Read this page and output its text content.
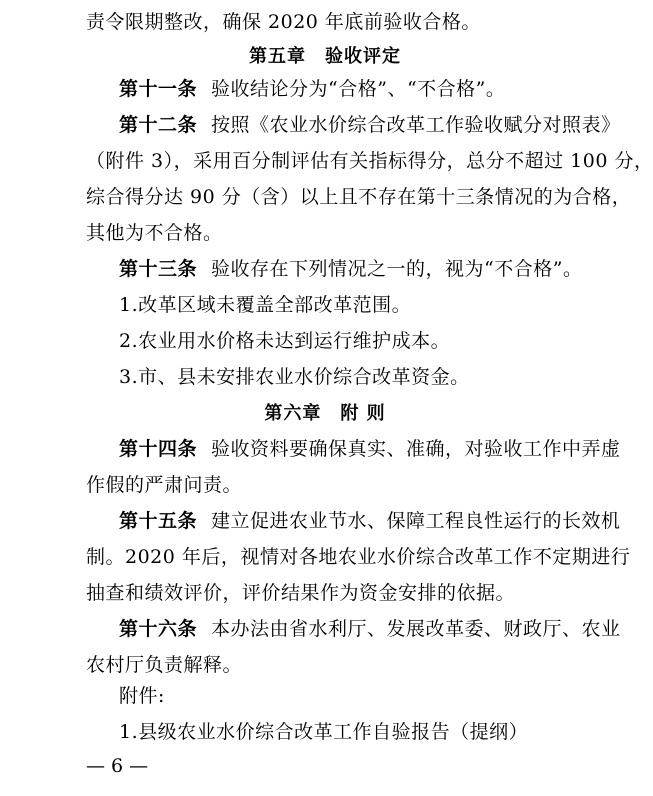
责令限期整改，确保 2020 年底前验收合格。
第五章　验收评定
第十一条 验收结论分为“合格”、“不合格”。
第十二条 按照《农业水价综合改革工作验收赋分对照表》
（附件 3），采用百分制评估有关指标得分，总分不超过 100 分，
综合得分达 90 分（含）以上且不存在第十三条情况的为合格，
其他为不合格。
第十三条 验收存在下列情况之一的，视为“不合格”。
1.改革区域未覆盖全部改革范围。
2.农业用水价格未达到运行维护成本。
3.市、县未安排农业水价综合改革资金。
第六章　附 则
第十四条 验收资料要确保真实、准确，对验收工作中弄虚
作假的严肃问责。
第十五条 建立促进农业节水、保障工程良性运行的长效机
制。2020 年后，视情对各地农业水价综合改革工作不定期进行
抽查和绩效评价，评价结果作为资金安排的依据。
第十六条 本办法由省水利厅、发展改革委、财政厅、农业
农村厅负责解释。
附件:
— 6 —
1.县级农业水价综合改革工作自验报告（提纲）
